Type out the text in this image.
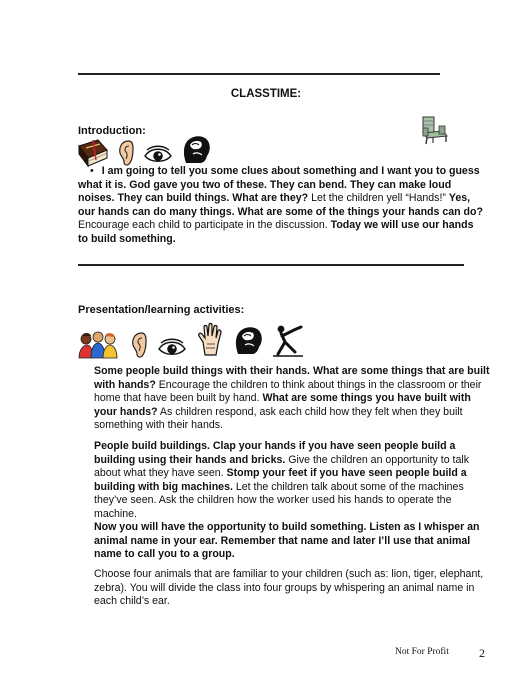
CLASSTIME:
Introduction:
• I am going to tell you some clues about something and I want you to guess what it is. God gave you two of these. They can bend. They can make loud noises. They can build things. What are they? Let the children yell “Hands!” Yes, our hands can do many things. What are some of the things your hands can do? Encourage each child to participate in the discussion. Today we will use our hands to build something.
Presentation/learning activities:
Some people build things with their hands. What are some things that are built with hands? Encourage the children to think about things in the classroom or their home that have been built by hand. What are some things you have built with your hands? As children respond, ask each child how they felt when they built something with their hands.
People build buildings. Clap your hands if you have seen people build a building using their hands and bricks. Give the children an opportunity to talk about what they have seen. Stomp your feet if you have seen people build a building with big machines. Let the children talk about some of the machines they’ve seen. Ask the children how the worker used his hands to operate the machine.
Now you will have the opportunity to build something. Listen as I whisper an animal name in your ear. Remember that name and later I’ll use that animal name to call you to a group.
Choose four animals that are familiar to your children (such as: lion, tiger, elephant, zebra). You will divide the class into four groups by whispering an animal name in each child’s ear.
Not For Profit	2
